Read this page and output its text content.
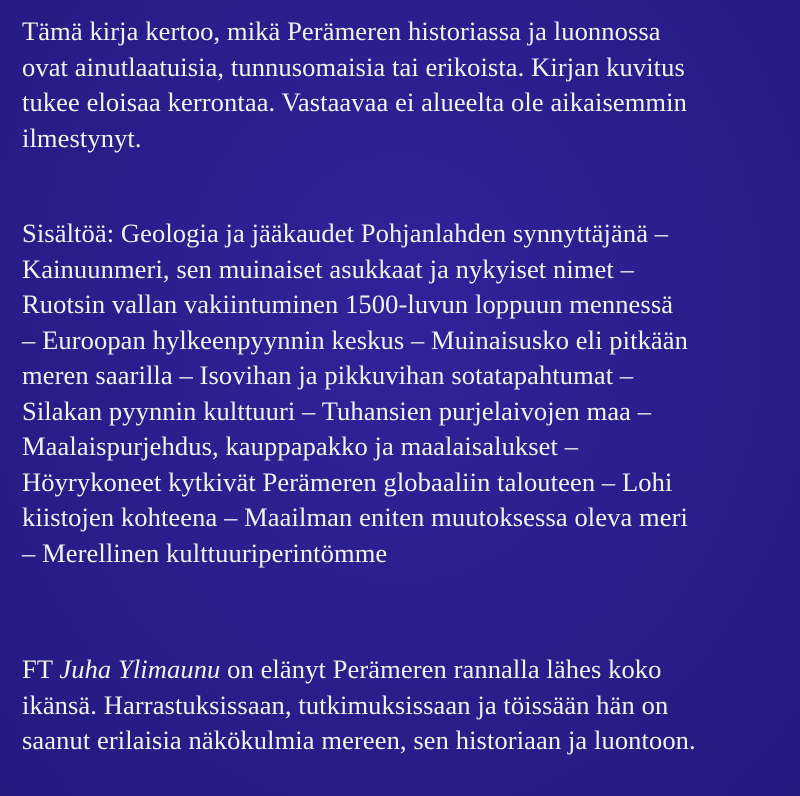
Tämä kirja kertoo, mikä Perämeren historiassa ja luonnossa
ovat ainutlaatuisia, tunnusomaisia tai erikoista. Kirjan kuvitus
tukee eloisaa kerrontaa. Vastaavaa ei alueelta ole aikaisemmin
ilmestynyt.
Sisältöä: Geologia ja jääkaudet Pohjanlahden synnyttäjänä –
Kainuunmeri, sen muinaiset asukkaat ja nykyiset nimet –
Ruotsin vallan vakiintuminen 1500-luvun loppuun mennessä
– Euroopan hylkeenpyynnin keskus – Muinaisusko eli pitkään
meren saarilla – Isovihan ja pikkuvihan sotatapahtumat –
Silakan pyynnin kulttuuri – Tuhansien purjelaivojen maa –
Maalaispurjehdus, kauppapakko ja maalaisalukset –
Höyrykoneet kytkivät Perämeren globaaliin talouteen – Lohi
kiistojen kohteena – Maailman eniten muutoksessa oleva meri
– Merellinen kulttuuriperintömme
FT Juha Ylimaunu on elänyt Perämeren rannalla lähes koko
ikänsä. Harrastuksissaan, tutkimuksissaan ja töissään hän on
saanut erilaisia näkökulmia mereen, sen historiaan ja luontoon.
